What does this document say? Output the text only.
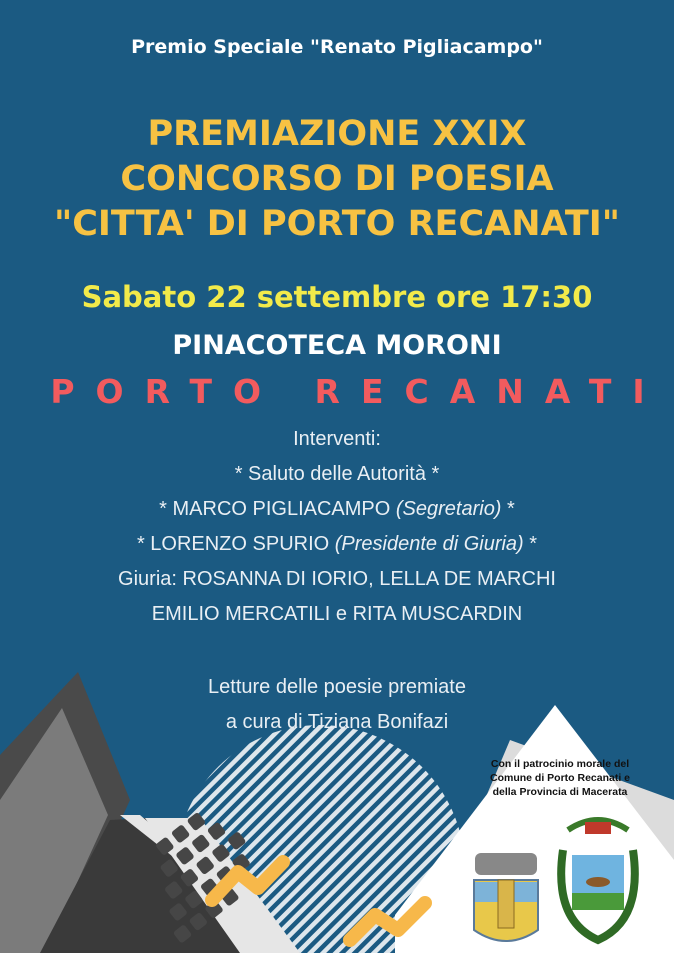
Premio Speciale "Renato Pigliacampo"
PREMIAZIONE XXIX
CONCORSO DI POESIA
"CITTA' DI PORTO RECANATI"
Sabato 22 settembre ore 17:30
PINACOTECA MORONI
PORTO RECANATI
Interventi:
* Saluto delle Autorità *
* MARCO PIGLIACAMPO (Segretario) *
* LORENZO SPURIO (Presidente di Giuria) *
Giuria: ROSANNA DI IORIO, LELLA DE MARCHI
EMILIO MERCATILI e RITA MUSCARDIN
Letture delle poesie premiate
a cura di Tiziana Bonifazi
Con il patrocinio morale del
Comune di Porto Recanati e
della Provincia di Macerata
